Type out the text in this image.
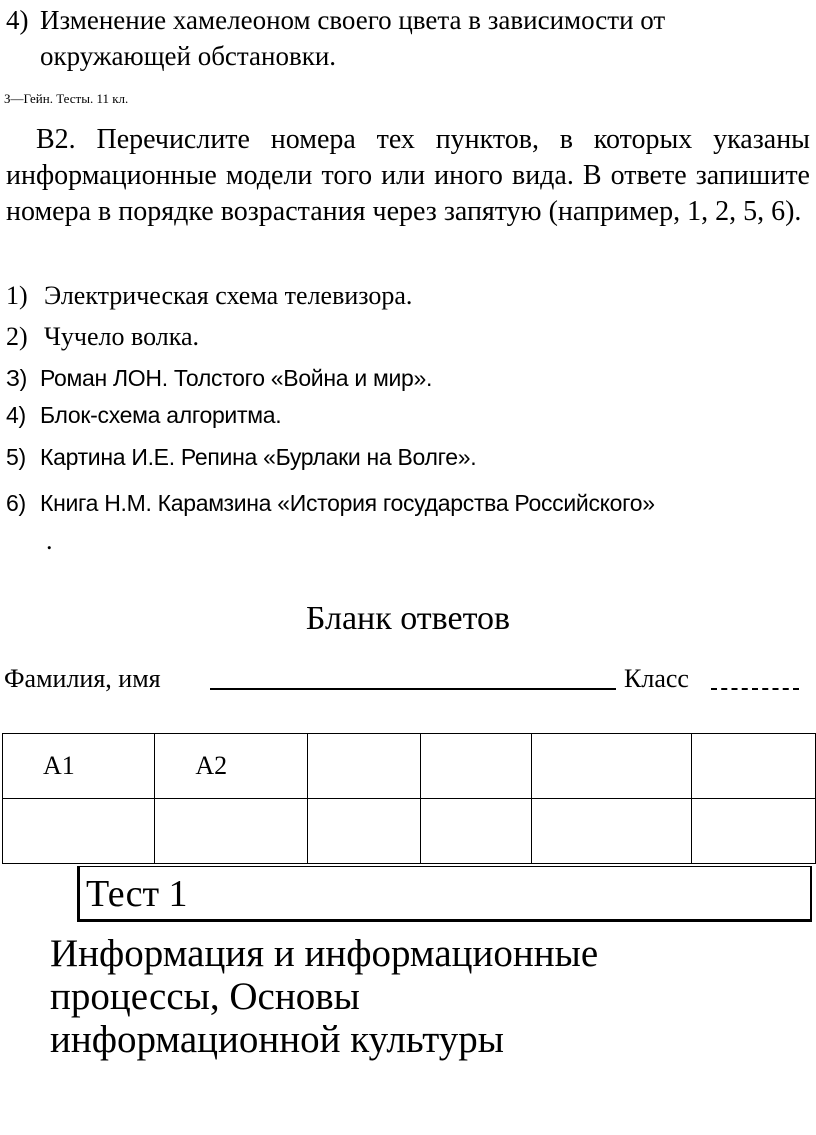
4) Изменение хамелеоном своего цвета в зависимости от окружающей обстановки.
З—Гейн. Тесты. 11 кл.
В2. Перечислите номера тех пунктов, в которых указаны информационные модели того или иного вида. В ответе запишите номера в порядке возрастания через запятую (например, 1, 2, 5, 6).
1) Электрическая схема телевизора.
2) Чучело волка.
З) Роман ЛОН. Толстого «Война и мир».
4) Блок-схема алгоритма.
5) Картина И.Е. Репина «Бурлаки на Волге».
6) Книга Н.М. Карамзина «История государства Российского»
.
Бланк ответов
Фамилия, имя	Класс
А1	А2				

Тест 1
Информация и информационные
процессы, Основы
информационной культуры
